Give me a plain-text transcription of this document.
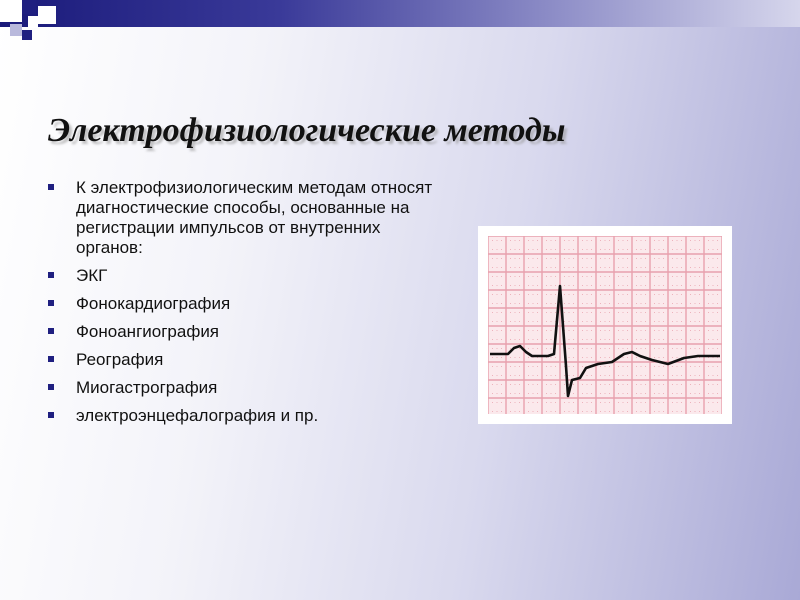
Электрофизиологические методы
К электрофизиологическим методам относят диагностические способы, основанные на регистрации импульсов от внутренних органов:
ЭКГ
Фонокардиография
Фоноангиография
Реография
Миогастрография
электроэнцефалография и пр.
